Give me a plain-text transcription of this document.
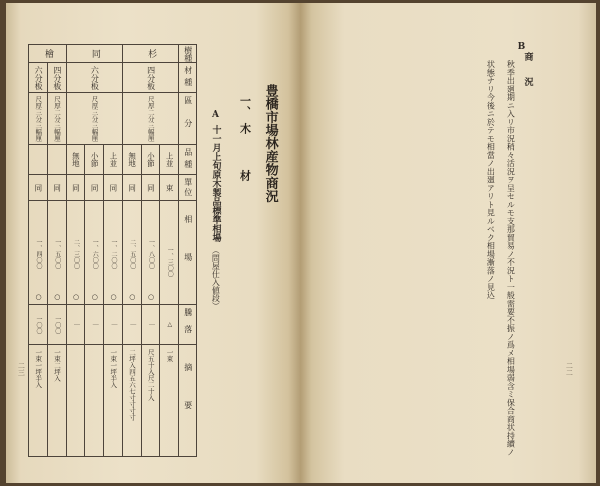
豊橋市場林産物商況
一、
木材
A
十一月上旬原木製品標準相場
（問屋仕入値段）
樹種
材種
區分
品種
單位
相場
騰落
摘要
杉
同
檜
四分板
六分板
四分板
六分板
尺厚二分三幅厘
尺厚三分三幅厘
尺厚二分三幅厘
尺厚三分三幅厘
上並
束
一、三〇〇
△
一束
小節
同
一、八〇〇
○
｜
尺五十入尺二十入
無地
同
二、五〇〇
○
｜
二坪入四五六七寸寸寸寸
上並
同
一、二〇〇
○
｜
一束一坪半入
小節
同
一、六〇〇
○
｜
無地
同
二、三〇〇
○
｜
同
一、五〇〇
○
一〇〇
一束二坪入
同
一、四〇〇
○
一〇〇
一束一坪半入
二三
B
商況
秋季出廻期ニ入リ市況稍々活況ヲ呈セルモ支那貿易ノ不況ト一般需要不振ノ爲メ相場弱含ミ保合商状持續ノ
状態ナリ今後ニ於テモ相當ノ出廻アリト見ルベク相場漸落ノ見込
二二
